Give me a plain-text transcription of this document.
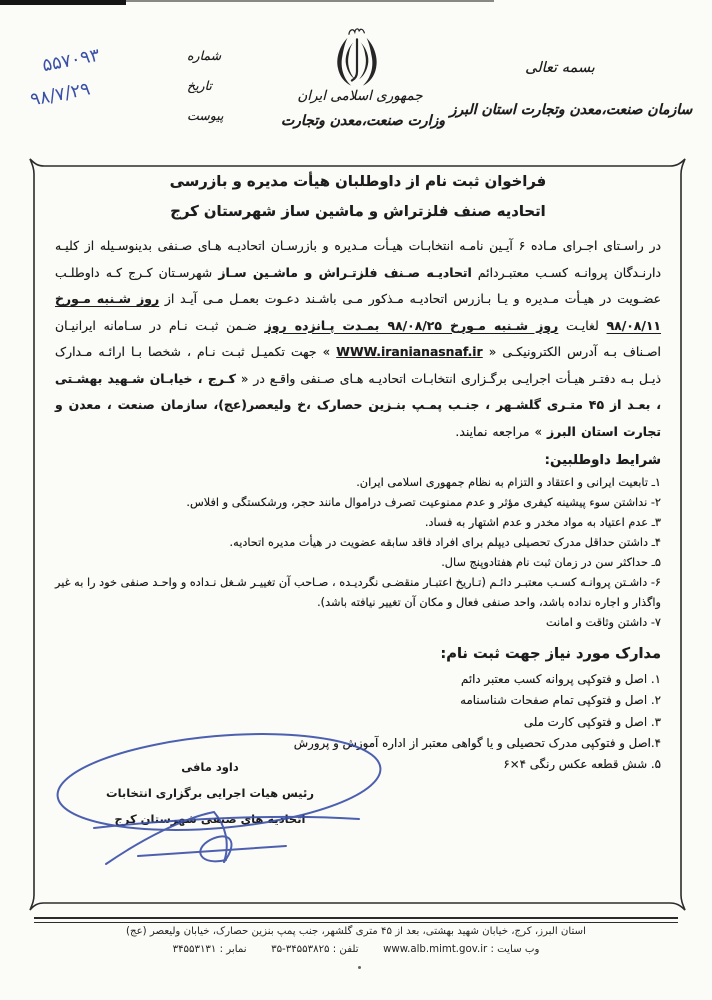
بسمه تعالی
سازمان صنعت،معدن وتجارت استان البرز
جمهوری اسلامی ایران
وزارت صنعت،معدن وتجارت
شماره
تاریخ
پیوست
۵۵۷۰۹۳
۹۸/۷/۲۹

فراخوان ثبت نام از داوطلبان هیأت مدیره و بازرسی

اتحادیه صنف فلزتراش و ماشین ساز شهرستان کرج

در راسـتای اجـرای مـاده ۶ آیـین نامـه انتخابـات هیـأت مـدیره و بازرسـان اتحادیـه هـای صـنفی بدینوسـیله از کلیـه دارنـدگان پروانـه کسـب معتبـردائم اتحادیـه صـنف فلزتـراش و ماشـین سـاز شهرسـتان کـرج کـه داوطلـب عضـویت در هیـأت مـدیره و یـا بـازرس اتحادیـه مـذکور مـی باشـند دعـوت بعمـل مـی آیـد از روز شـنبه مـورخ ۹۸/۰۸/۱۱ لغایـت روز شـنبه مـورخ ۹۸/۰۸/۲۵ بمـدت پـانزده روز ضـمن ثبـت نـام در سـامانه ایرانیـان اصـناف بـه آدرس الکترونیکـی « WWW.iranianasnaf.ir » جهت تکمیـل ثبـت نـام ، شخصا بـا ارائـه مـدارک ذیـل بـه دفتـر هیـأت اجرایـی برگـزاری انتخابـات اتحادیـه هـای صـنفی واقـع در « کـرج ، خیابـان شـهید بهشـتی ، بعـد از ۴۵ متـری گلشـهر ، جنـب پمـپ بنـزین حصارک ،خ ولیعصر(عج)، سازمان صنعت ، معدن و تجارت استان البرز » مراجعه نمایند.

شرایط داوطلبین:
۱ـ تابعیت ایرانی و اعتقاد و التزام به نظام جمهوری اسلامی ایران.
۲- نداشتن سوء پیشینه کیفری مؤثر و عدم ممنوعیت تصرف دراموال مانند حجر، ورشکستگی و افلاس.
۳ـ عدم اعتیاد به مواد مخدر و عدم اشتهار به فساد.
۴ـ داشتن حداقل مدرک تحصیلی دیپلم برای افراد فاقد سابقه عضویت در هیأت مدیره اتحادیه.
۵ـ حداکثر سن در زمان ثبت نام هفتادوپنج سال.
۶- داشـتن پروانـه کسـب معتبـر دائـم (تـاریخ اعتبـار منقضـی نگردیـده ، صـاحب آن تغییـر شـغل نـداده و واحـد صنفی خود را به غیر واگذار و اجاره نداده باشد، واحد صنفی فعال و مکان آن تغییر نیافته باشد).
۷- داشتن وثاقت و امانت
مدارک مورد نیاز جهت ثبت نام:
۱. اصل و فتوکپی پروانه کسب معتبر دائم
۲. اصل و فتوکپی تمام صفحات شناسنامه
۳. اصل و فتوکپی کارت ملی
۴.اصل و فتوکپی مدرک تحصیلی و یا گواهی معتبر از اداره آموزش و پرورش
۵. شش قطعه عکس رنگی ۴×۶
داود مافی
رئیس هیات اجرایی برگزاری انتخابات
اتحادیه های صنفی شهرستان کرج
استان البرز، کرج، خیابان شهید بهشتی، بعد از ۴۵ متری گلشهر، جنب پمپ بنزین حصارک، خیابان ولیعصر (عج)
وب سایت : www.alb.mimt.gov.ir  تلفن : ۳۴۵۵۳۸۲۵-۳۵  نمابر : ۳۴۵۵۳۱۳۱
